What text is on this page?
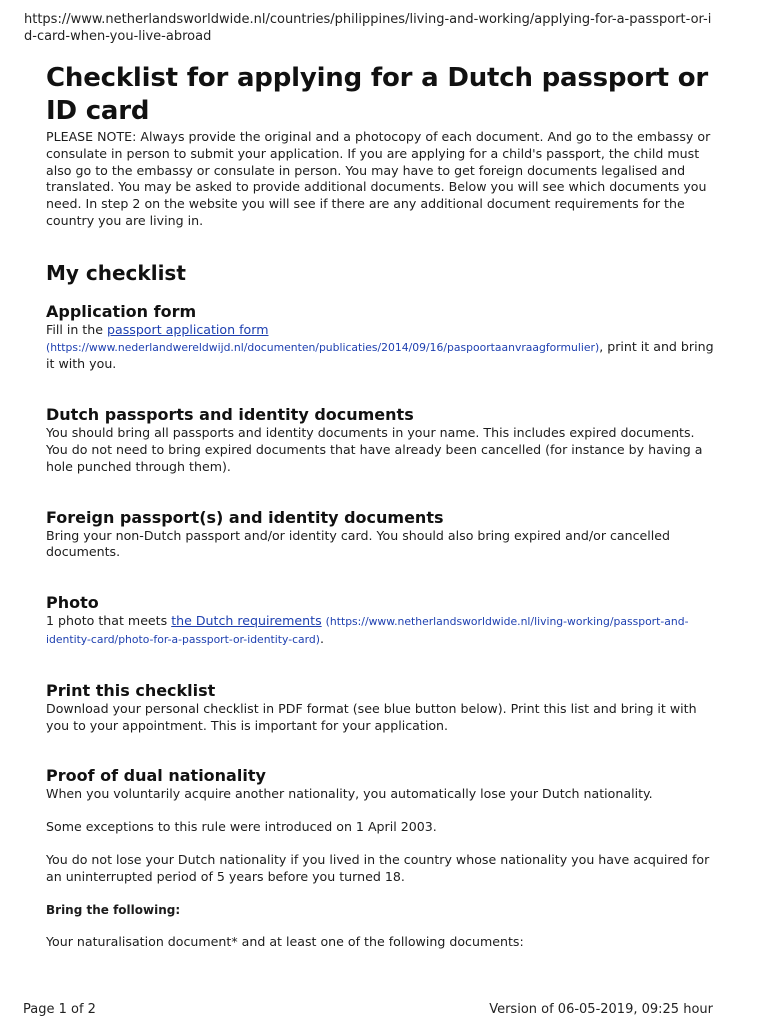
https://www.netherlandsworldwide.nl/countries/philippines/living-and-working/applying-for-a-passport-or-id-card-when-you-live-abroad
Checklist for applying for a Dutch passport or ID card

PLEASE NOTE: Always provide the original and a photocopy of each document. And go to the embassy or consulate in person to submit your application. If you are applying for a child's passport, the child must also go to the embassy or consulate in person. You may have to get foreign documents legalised and translated. You may be asked to provide additional documents. Below you will see which documents you need. In step 2 on the website you will see if there are any additional document requirements for the country you are living in.

My checklist
Application form

Fill in the passport application form (https://www.nederlandwereldwijd.nl/documenten/publicaties/2014/09/16/paspoortaanvraagformulier), print it and bring it with you.

Dutch passports and identity documents

You should bring all passports and identity documents in your name. This includes expired documents. You do not need to bring expired documents that have already been cancelled (for instance by having a hole punched through them).

Foreign passport(s) and identity documents

Bring your non-Dutch passport and/or identity card. You should also bring expired and/or cancelled documents.

Photo

1 photo that meets the Dutch requirements (https://www.netherlandsworldwide.nl/living-working/passport-and-identity-card/photo-for-a-passport-or-identity-card).

Print this checklist

Download your personal checklist in PDF format (see blue button below). Print this list and bring it with you to your appointment. This is important for your application.

Proof of dual nationality

When you voluntarily acquire another nationality, you automatically lose your Dutch nationality.

Some exceptions to this rule were introduced on 1 April 2003.

You do not lose your Dutch nationality if you lived in the country whose nationality you have acquired for an uninterrupted period of 5 years before you turned 18.

Bring the following:

Your naturalisation document* and at least one of the following documents:

Page 1 of 2	Version of 06-05-2019, 09:25 hour
